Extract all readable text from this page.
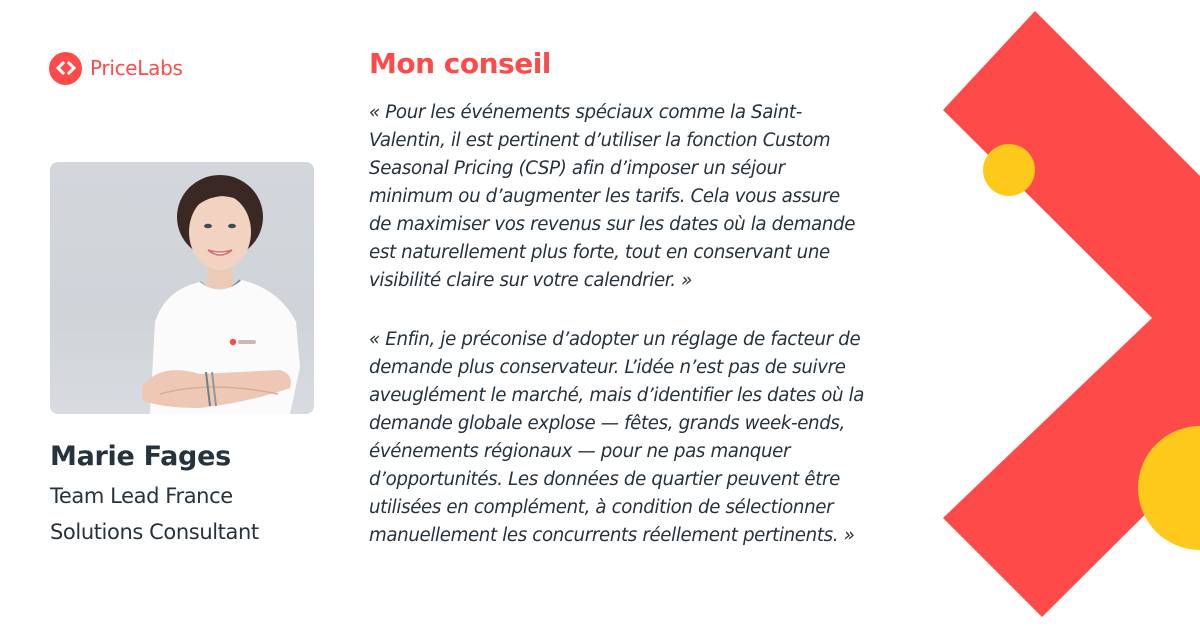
PriceLabs
Marie Fages
Team Lead France
Solutions Consultant
Mon conseil
« Pour les événements spéciaux comme la Saint-
Valentin, il est pertinent d’utiliser la fonction Custom
Seasonal Pricing (CSP) afin d’imposer un séjour
minimum ou d’augmenter les tarifs. Cela vous assure
de maximiser vos revenus sur les dates où la demande
est naturellement plus forte, tout en conservant une
visibilité claire sur votre calendrier. »
« Enfin, je préconise d’adopter un réglage de facteur de
demande plus conservateur. L’idée n’est pas de suivre
aveuglément le marché, mais d’identifier les dates où la
demande globale explose — fêtes, grands week-ends,
événements régionaux — pour ne pas manquer
d’opportunités. Les données de quartier peuvent être
utilisées en complément, à condition de sélectionner
manuellement les concurrents réellement pertinents. »
